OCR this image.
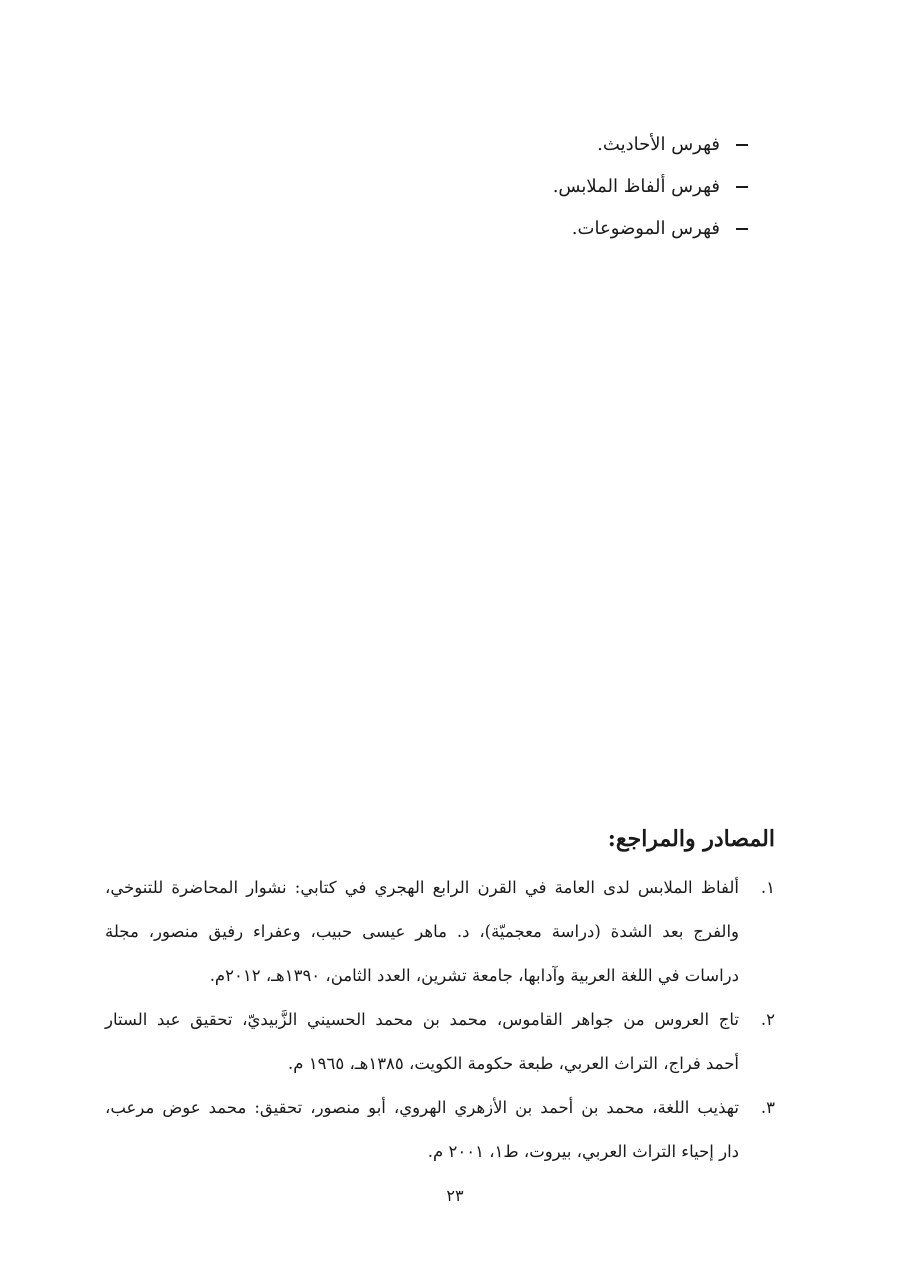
فهرس الأحاديث.
فهرس ألفاظ الملابس.
فهرس الموضوعات.
المصادر والمراجع:
١.
ألفاظ الملابس لدى العامة في القرن الرابع الهجري في كتابي: نشوار المحاضرة للتنوخي،
والفرج بعد الشدة (دراسة معجميّة)، د. ماهر عيسى حبيب، وعفراء رفيق منصور، مجلة
دراسات في اللغة العربية وآدابها، جامعة تشرين، العدد الثامن، ١٣٩٠هـ، ٢٠١٢م.
٢.
تاج العروس من جواهر القاموس، محمد بن محمد الحسيني الزَّبيديّ، تحقيق عبد الستار
أحمد فراج، التراث العربي، طبعة حكومة الكويت، ١٣٨٥هـ، ١٩٦٥ م.
٣.
تهذيب اللغة، محمد بن أحمد بن الأزهري الهروي، أبو منصور، تحقيق: محمد عوض مرعب،
دار إحياء التراث العربي، بيروت، ط١، ٢٠٠١ م.
٢٣
